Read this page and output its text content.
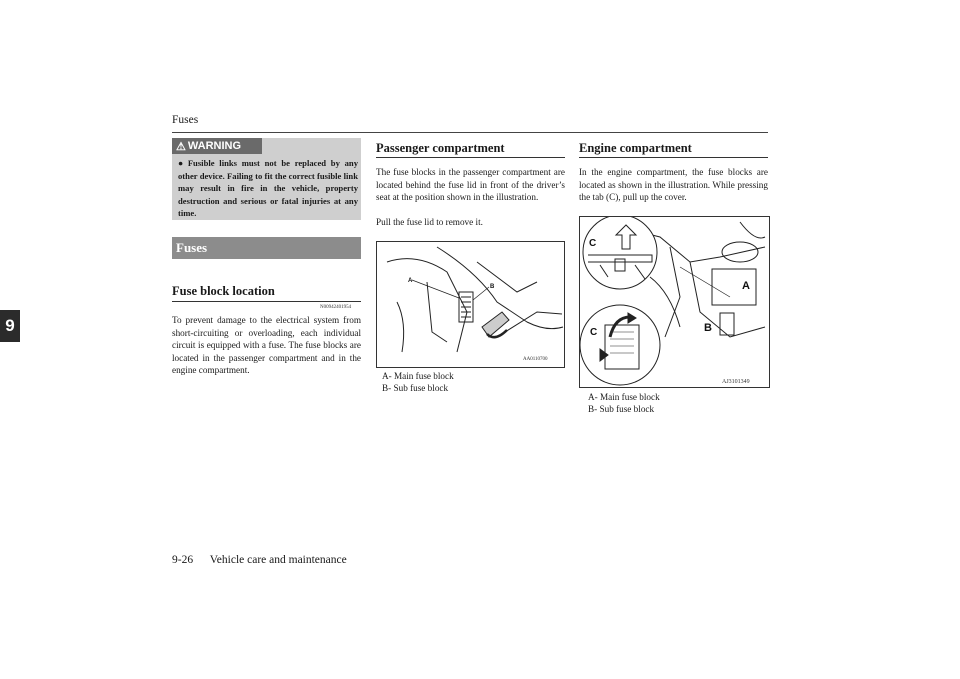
Fuses
9
9-26 Vehicle care and maintenance
⚠ WARNING
● Fusible links must not be replaced by any other device. Failing to fit the correct fusible link may result in fire in the vehicle, property destruction and serious or fatal injuries at any time.
Fuses
Fuse block location
N00942401954
To prevent damage to the electrical system from short-circuiting or overloading, each individual circuit is equipped with a fuse. The fuse blocks are located in the passenger compartment and in the engine compartment.
Passenger compartment
The fuse blocks in the passenger compartment are located behind the fuse lid in front of the driver’s seat at the position shown in the illustration.
Pull the fuse lid to remove it.
A
B
AA0110700
A- Main fuse block
B- Sub fuse block
Engine compartment
In the engine compartment, the fuse blocks are located as shown in the illustration. While pressing the tab (C), pull up the cover.
C
C
A
B
AJ3101349
A- Main fuse block
B- Sub fuse block
